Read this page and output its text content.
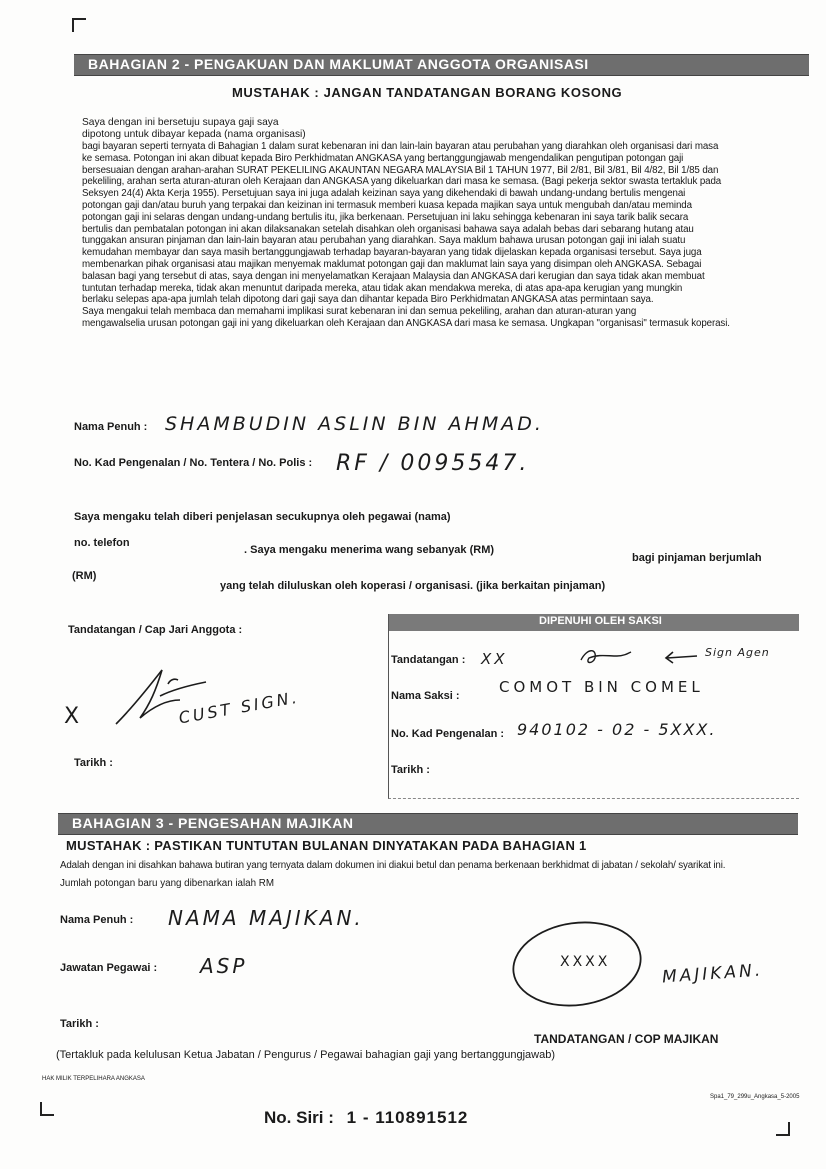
BAHAGIAN 2 - PENGAKUAN DAN MAKLUMAT ANGGOTA ORGANISASI
MUSTAHAK : JANGAN TANDATANGAN BORANG KOSONG
Saya dengan ini bersetuju supaya gaji saya
dipotong untuk dibayar kepada (nama organisasi)
bagi bayaran seperti ternyata di Bahagian 1 dalam surat kebenaran ini dan lain-lain bayaran atau perubahan yang diarahkan oleh organisasi dari masa
ke semasa. Potongan ini akan dibuat kepada Biro Perkhidmatan ANGKASA yang bertanggungjawab mengendalikan pengutipan potongan gaji
bersesuaian dengan arahan-arahan SURAT PEKELILING AKAUNTAN NEGARA MALAYSIA Bil 1 TAHUN 1977, Bil 2/81, Bil 3/81, Bil 4/82, Bil 1/85 dan
pekeliling, arahan serta aturan-aturan oleh Kerajaan dan ANGKASA yang dikeluarkan dari masa ke semasa. (Bagi pekerja sektor swasta tertakluk pada
Seksyen 24(4) Akta Kerja 1955). Persetujuan saya ini juga adalah keizinan saya yang dikehendaki di bawah undang-undang bertulis mengenai
potongan gaji dan/atau buruh yang terpakai dan keizinan ini termasuk memberi kuasa kepada majikan saya untuk mengubah dan/atau meminda
potongan gaji ini selaras dengan undang-undang bertulis itu, jika berkenaan. Persetujuan ini laku sehingga kebenaran ini saya tarik balik secara
bertulis dan pembatalan potongan ini akan dilaksanakan setelah disahkan oleh organisasi bahawa saya adalah bebas dari sebarang hutang atau
tunggakan ansuran pinjaman dan lain-lain bayaran atau perubahan yang diarahkan. Saya maklum bahawa urusan potongan gaji ini ialah suatu
kemudahan membayar dan saya masih bertanggungjawab terhadap bayaran-bayaran yang tidak dijelaskan kepada organisasi tersebut. Saya juga
membenarkan pihak organisasi atau majikan menyemak maklumat potongan gaji dan maklumat lain saya yang disimpan oleh ANGKASA. Sebagai
balasan bagi yang tersebut di atas, saya dengan ini menyelamatkan Kerajaan Malaysia dan ANGKASA dari kerugian dan saya tidak akan membuat
tuntutan terhadap mereka, tidak akan menuntut daripada mereka, atau tidak akan mendakwa mereka, di atas apa-apa kerugian yang mungkin
berlaku selepas apa-apa jumlah telah dipotong dari gaji saya dan dihantar kepada Biro Perkhidmatan ANGKASA atas permintaan saya.
Saya mengakui telah membaca dan memahami implikasi surat kebenaran ini dan semua pekeliling, arahan dan aturan-aturan yang
mengawalselia urusan potongan gaji ini yang dikeluarkan oleh Kerajaan dan ANGKASA dari masa ke semasa. Ungkapan "organisasi" termasuk koperasi.
Nama Penuh : SHAMBUDIN ASLIN BIN AHMAD.
No. Kad Pengenalan / No. Tentera / No. Polis : RF / 0095547.
Saya mengaku telah diberi penjelasan secukupnya oleh pegawai (nama)
no. telefon
. Saya mengaku menerima wang sebanyak (RM)
bagi pinjaman berjumlah
(RM)
yang telah diluluskan oleh koperasi / organisasi. (jika berkaitan pinjaman)
Tandatangan / Cap Jari Anggota :
X	CUST SIGN.
Tarikh :
DIPENUHI OLEH SAKSI
Tandatangan : XX	Sign Agen
Nama Saksi :	COMOT BIN COMEL
No. Kad Pengenalan : 940102 - 02 - 5XXX.
Tarikh :
BAHAGIAN 3 - PENGESAHAN MAJIKAN
MUSTAHAK : PASTIKAN TUNTUTAN BULANAN DINYATAKAN PADA BAHAGIAN 1
Adalah dengan ini disahkan bahawa butiran yang ternyata dalam dokumen ini diakui betul dan penama berkenaan berkhidmat di jabatan / sekolah/ syarikat ini.
Jumlah potongan baru yang dibenarkan ialah RM
Nama Penuh : NAMA MAJIKAN.
Jawatan Pegawai : ASP	XXXX	MAJIKAN.
Tarikh :
TANDATANGAN / COP MAJIKAN
(Tertakluk pada kelulusan Ketua Jabatan / Pengurus / Pegawai bahagian gaji yang bertanggungjawab)
HAK MILIK TERPELIHARA ANGKASA
Spa1_79_299u_Angkasa_5-2005
No. Siri : 1 - 110891512
